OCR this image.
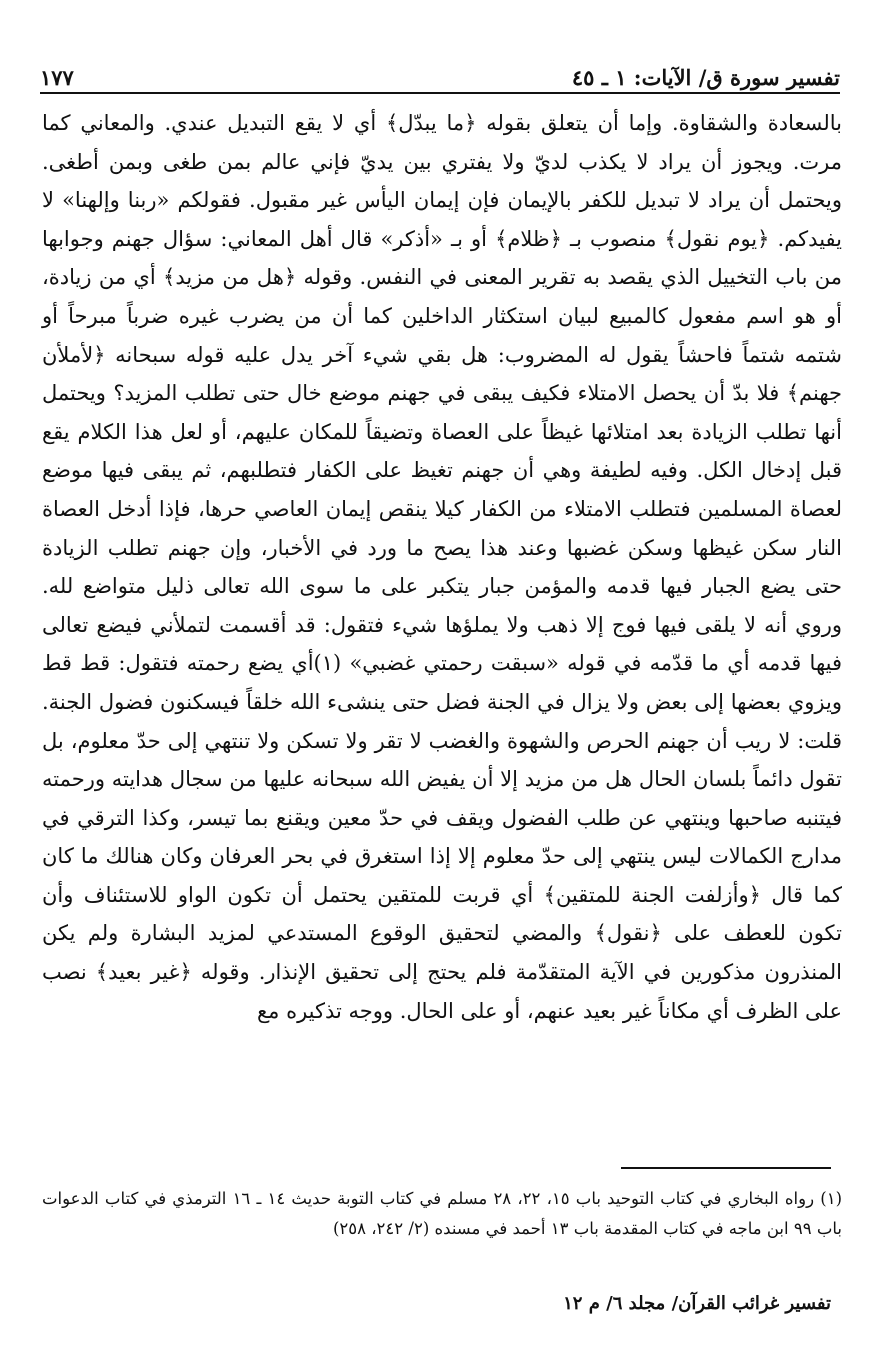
تفسير سورة ق/ الآيات: ١ ـ ٤٥
١٧٧

بالسعادة والشقاوة. وإما أن يتعلق بقوله ﴿ما يبدّل﴾ أي لا يقع التبديل عندي. والمعاني كما مرت. ويجوز أن يراد لا يكذب لديّ ولا يفتري بين يديّ فإني عالم بمن طغى وبمن أطغى. ويحتمل أن يراد لا تبديل للكفر بالإيمان فإن إيمان اليأس غير مقبول. فقولكم «ربنا وإلهنا» لا يفيدكم. ﴿يوم نقول﴾ منصوب بـ ﴿ظلام﴾ أو بـ «أذكر» قال أهل المعاني: سؤال جهنم وجوابها من باب التخييل الذي يقصد به تقرير المعنى في النفس. وقوله ﴿هل من مزيد﴾ أي من زيادة، أو هو اسم مفعول كالمبيع لبيان استكثار الداخلين كما أن من يضرب غيره ضرباً مبرحاً أو شتمه شتماً فاحشاً يقول له المضروب: هل بقي شيء آخر يدل عليه قوله سبحانه ﴿لأملأن جهنم﴾ فلا بدّ أن يحصل الامتلاء فكيف يبقى في جهنم موضع خال حتى تطلب المزيد؟ ويحتمل أنها تطلب الزيادة بعد امتلائها غيظاً على العصاة وتضيقاً للمكان عليهم، أو لعل هذا الكلام يقع قبل إدخال الكل. وفيه لطيفة وهي أن جهنم تغيظ على الكفار فتطلبهم، ثم يبقى فيها موضع لعصاة المسلمين فتطلب الامتلاء من الكفار كيلا ينقص إيمان العاصي حرها، فإذا أدخل العصاة النار سكن غيظها وسكن غضبها وعند هذا يصح ما ورد في الأخبار، وإن جهنم تطلب الزيادة حتى يضع الجبار فيها قدمه والمؤمن جبار يتكبر على ما سوى الله تعالى ذليل متواضع لله. وروي أنه لا يلقى فيها فوج إلا ذهب ولا يملؤها شيء فتقول: قد أقسمت لتملأني فيضع تعالى فيها قدمه أي ما قدّمه في قوله «سبقت رحمتي غضبي» (١)أي يضع رحمته فتقول: قط قط ويزوي بعضها إلى بعض ولا يزال في الجنة فضل حتى ينشىء الله خلقاً فيسكنون فضول الجنة. قلت: لا ريب أن جهنم الحرص والشهوة والغضب لا تقر ولا تسكن ولا تنتهي إلى حدّ معلوم، بل تقول دائماً بلسان الحال هل من مزيد إلا أن يفيض الله سبحانه عليها من سجال هدايته ورحمته فيتنبه صاحبها وينتهي عن طلب الفضول ويقف في حدّ معين ويقنع بما تيسر، وكذا الترقي في مدارج الكمالات ليس ينتهي إلى حدّ معلوم إلا إذا استغرق في بحر العرفان وكان هنالك ما كان كما قال ﴿وأزلفت الجنة للمتقين﴾ أي قربت للمتقين يحتمل أن تكون الواو للاستئناف وأن تكون للعطف على ﴿نقول﴾ والمضي لتحقيق الوقوع المستدعي لمزيد البشارة ولم يكن المنذرون مذكورين في الآية المتقدّمة فلم يحتج إلى تحقيق الإنذار. وقوله ﴿غير بعيد﴾ نصب على الظرف أي مكاناً غير بعيد عنهم، أو على الحال. ووجه تذكيره مع

(١) رواه البخاري في كتاب التوحيد باب ١٥، ٢٢، ٢٨ مسلم في كتاب التوبة حديث ١٤ ـ ١٦ الترمذي في كتاب الدعوات باب ٩٩ ابن ماجه في كتاب المقدمة باب ١٣ أحمد في مسنده (٢/ ٢٤٢، ٢٥٨)

تفسير غرائب القرآن/ مجلد ٦/ م ١٢
